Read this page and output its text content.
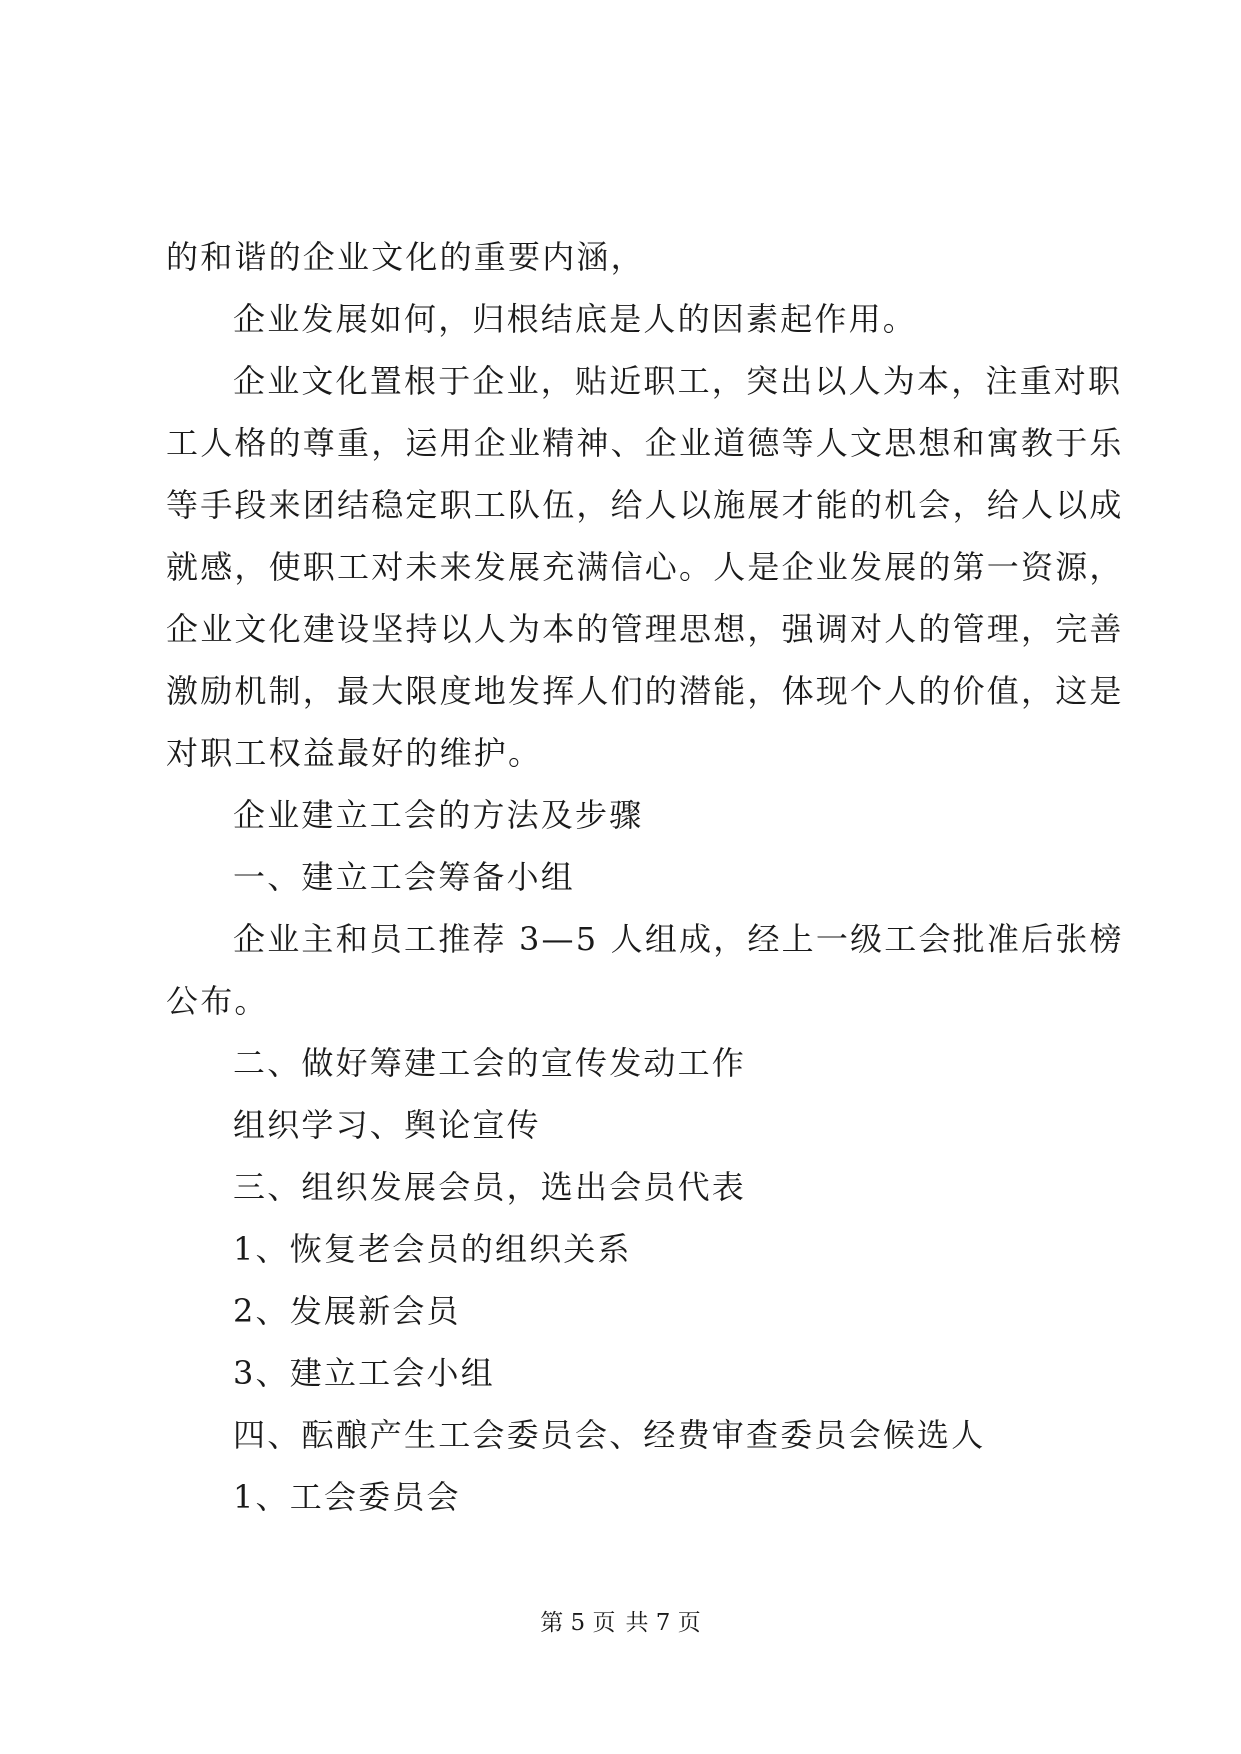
的和谐的企业文化的重要内涵，
企业发展如何，归根结底是人的因素起作用。
企业文化置根于企业，贴近职工，突出以人为本，注重对职
工人格的尊重，运用企业精神、企业道德等人文思想和寓教于乐
等手段来团结稳定职工队伍，给人以施展才能的机会，给人以成
就感，使职工对未来发展充满信心。人是企业发展的第一资源，
企业文化建设坚持以人为本的管理思想，强调对人的管理，完善
激励机制，最大限度地发挥人们的潜能，体现个人的价值，这是
对职工权益最好的维护。
企业建立工会的方法及步骤
一、建立工会筹备小组
企业主和员工推荐 3—5 人组成，经上一级工会批准后张榜
公布。
二、做好筹建工会的宣传发动工作
组织学习、舆论宣传
三、组织发展会员，选出会员代表
1、恢复老会员的组织关系
2、发展新会员
3、建立工会小组
四、酝酿产生工会委员会、经费审查委员会候选人
1、工会委员会
第 5 页 共 7 页
